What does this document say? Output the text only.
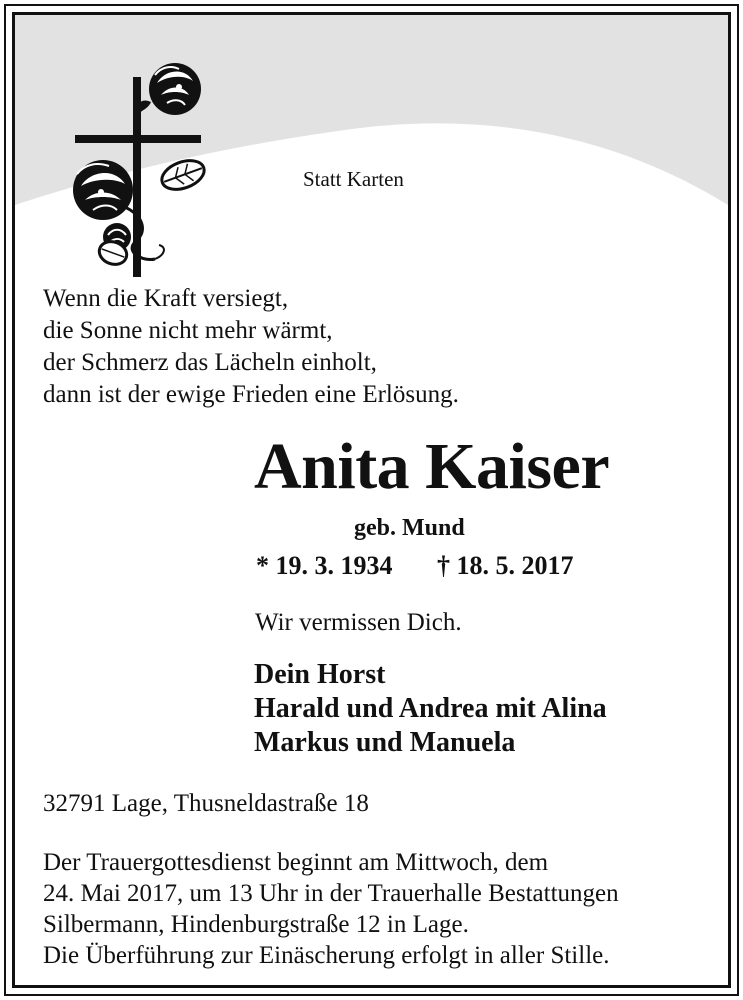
Statt Karten

Wenn die Kraft versiegt,
die Sonne nicht mehr wärmt,
der Schmerz das Lächeln einholt,
dann ist der ewige Frieden eine Erlösung.

Anita Kaiser

geb. Mund

* 19. 3. 1934 † 18. 5. 2017

Wir vermissen Dich.

Dein Horst
Harald und Andrea mit Alina
Markus und Manuela

32791 Lage, Thusneldastraße 18

Der Trauergottesdienst beginnt am Mittwoch, dem
24. Mai 2017, um 13 Uhr in der Trauerhalle Bestattungen
Silbermann, Hindenburgstraße 12 in Lage.
Die Überführung zur Einäscherung erfolgt in aller Stille.
